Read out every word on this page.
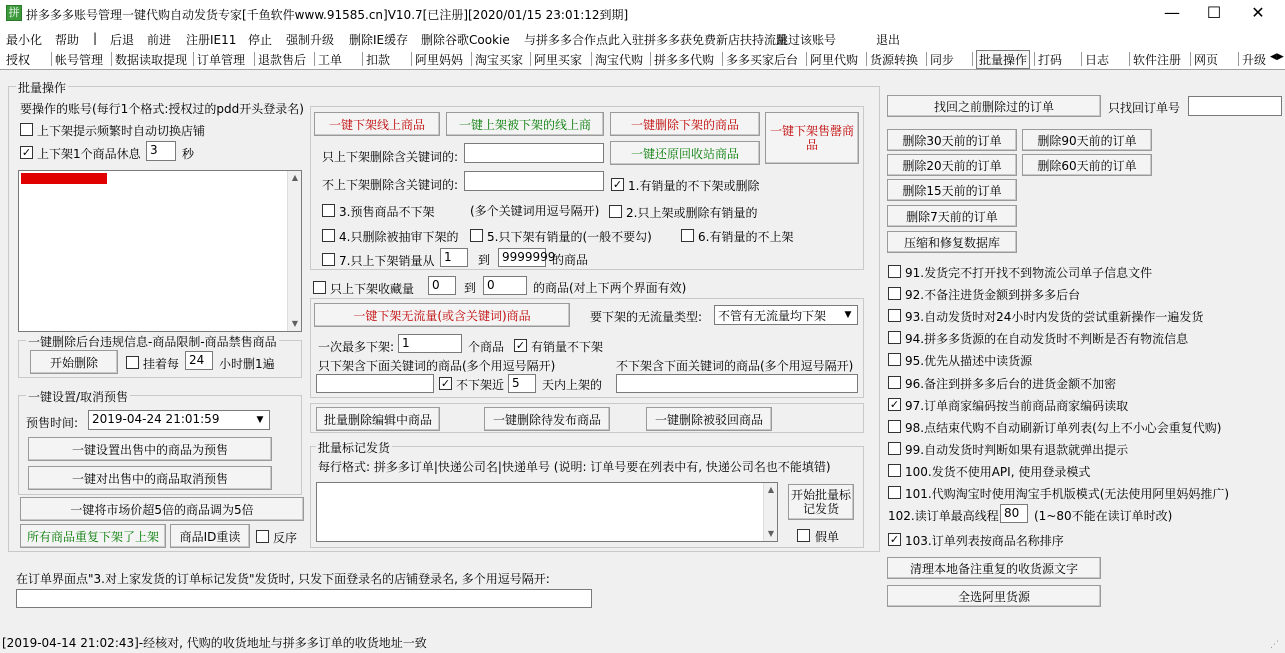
拼 拼多多多账号管理一键代购自动发货专家[千鱼软件www.91585.cn]V10.7[已注册][2020/01/15 23:01:12到期]	—	☐	✕
最小化 帮助 | 后退 前进 注册IE11 停止 强制升级 删除IE缓存 删除谷歌Cookie 与拼多多合作点此入驻拼多多获免费新店扶持流量
跳过该账号	退出
授权 帐号管理 数据读取提现 订单管理 退款售后 工单 扣款 阿里妈妈 淘宝买家 阿里买家 淘宝代购 拼多多代购 多多买家后台 阿里代购 货源转换 同步 批量操作 打码 日志 软件注册 网页 升级 ◀▶
批量操作
要操作的账号(每行1个格式:授权过的pdd开头登录名)
上下架提示频繁时自动切换店铺
✓ 上下架1个商品休息 3	秒
▲
▼
一键下架线上商品	一键上架被下架的线上商	一键删除下架的商品	一键下架售罄商品
一键还原回收站商品
只上下架删除含关键词的:
不上下架删除含关键词的:	✓ 1.有销量的不下架或删除
3.预售商品不下架	(多个关键词用逗号隔开) 2.只上架或删除有销量的
4.只删除被抽审下架的 5.只下架有销量的(一般不要勾)	6.有销量的不上架
7.只上下架销量从 1	到 9999999
的商品
只上下架收藏量	0	到 0	的商品(对上下两个界面有效)
一键下架无流量(或含关键词)商品	要下架的无流量类型:	不管有无流量均下架	▼
一次最多下架: 1	个商品 ✓ 有销量不下架
只下架含下面关键词的商品(多个用逗号隔开)	不下架含下面关键词的商品(多个用逗号隔开)
✓ 不下架近 5	天内上架的
批量删除编辑中商品	一键删除待发布商品	一键删除被驳回商品
批量标记发货
每行格式: 拼多多订单|快递公司名|快递单号 (说明: 订单号要在列表中有, 快递公司名也不能填错)
▲
▼
开始批量标记发货
假单
一键删除后台违规信息-商品限制-商品禁售商品
开始删除	挂着每 24	小时删1遍
一键设置/取消预售
预售时间:	2019-04-24 21:01:59	▼
一键设置出售中的商品为预售
一键对出售中的商品取消预售
一键将市场价超5倍的商品调为5倍
所有商品重复下架了上架	商品ID重读	反序
在订单界面点"3.对上家发货的订单标记发货"发货时, 只发下面登录名的店铺登录名, 多个用逗号隔开:
找回之前删除过的订单	只找回订单号
删除30天前的订单	删除90天前的订单
删除20天前的订单	删除60天前的订单
删除15天前的订单
删除7天前的订单
压缩和修复数据库
91.发货完不打开找不到物流公司单子信息文件
92.不备注进货金额到拼多多后台
93.自动发货时对24小时内发货的尝试重新操作一遍发货
94.拼多多货源的在自动发货时不判断是否有物流信息
95.优先从描述中读货源
96.备注到拼多多后台的进货金额不加密
✓ 97.订单商家编码按当前商品商家编码读取
98.点结束代购不自动刷新订单列表(勾上不小心会重复代购)
99.自动发货时判断如果有退款就弹出提示
100.发货不使用API, 使用登录模式
101.代购淘宝时使用淘宝手机版模式(无法使用阿里妈妈推广)
102.读订单最高线程 80	(1~80不能在读订单时改)
✓ 103.订单列表按商品名称排序
清理本地备注重复的收货源文字
全选阿里货源
[2019-04-14 21:02:43]-经核对, 代购的收货地址与拼多多订单的收货地址一致	⋰
